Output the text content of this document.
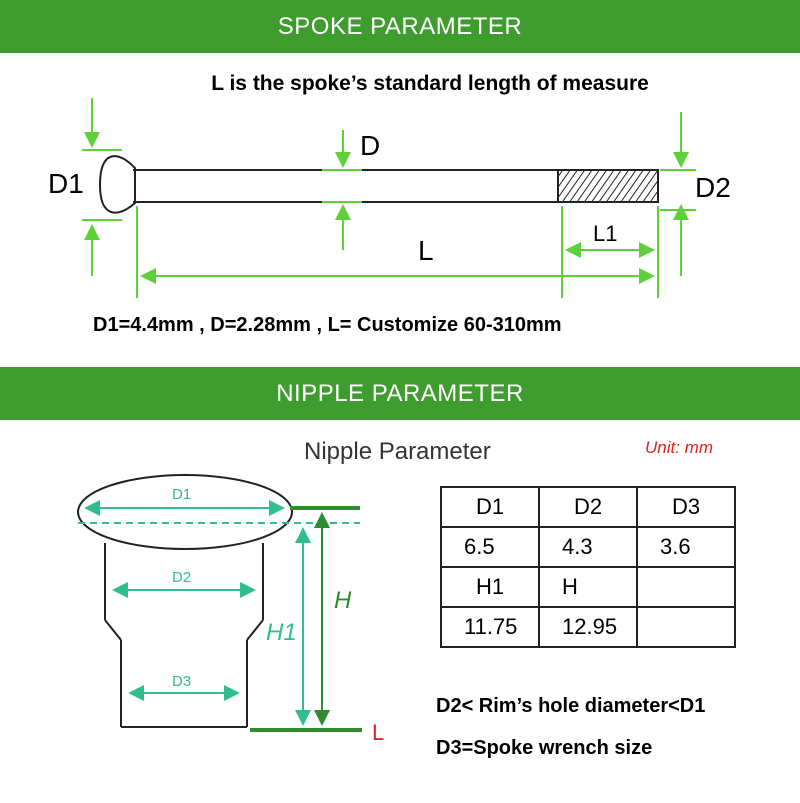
SPOKE PARAMETER
L is the spoke’s standard length of measure
D1
D
D2
L
L1
D1=4.4mm , D=2.28mm , L= Customize 60-310mm
NIPPLE PARAMETER
Nipple Parameter	Unit: mm
D1
D2
D3
H1
H
L
D1	D2	D3
6.5	4.3	3.6
H1	H	
11.75	12.95	
D2< Rim’s hole diameter<D1
D3=Spoke wrench size
